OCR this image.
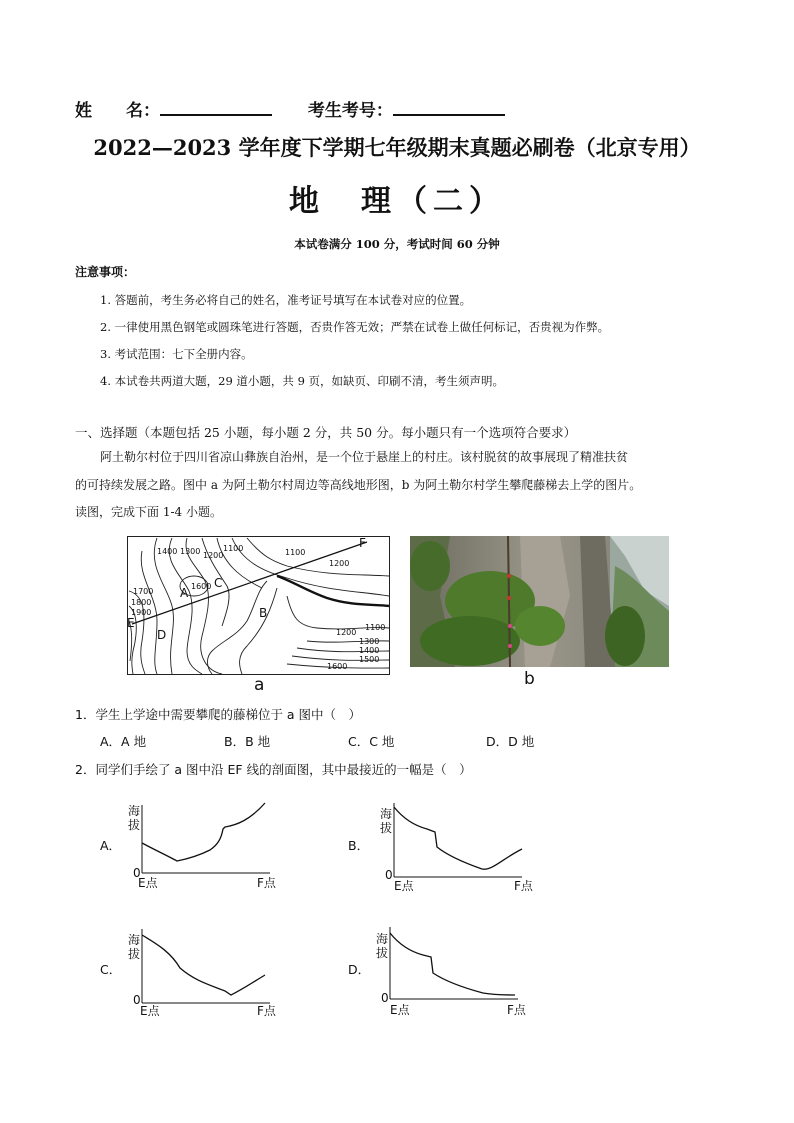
姓　　名：	考生考号：
2022—2023 学年度下学期七年级期末真题必刷卷（北京专用）
地　理（二）
本试卷满分 100 分，考试时间 60 分钟
注意事项：
1. 答题前，考生务必将自己的姓名，准考证号填写在本试卷对应的位置。
2. 一律使用黑色钢笔或圆珠笔进行答题，否贵作答无效；严禁在试卷上做任何标记，否贵视为作弊。
3. 考试范围：七下全册内容。
4. 本试卷共两道大题，29 道小题，共 9 页，如缺页、印刷不清，考生须声明。
一、选择题（本题包括 25 小题，每小题 2 分，共 50 分。每小题只有一个选项符合要求）
阿土勒尔村位于四川省凉山彝族自治州，是一个位于悬崖上的村庄。该村脱贫的故事展现了精准扶贫
的可持续发展之路。图中 a 为阿土勒尔村周边等高线地形图，b 为阿土勒尔村学生攀爬藤梯去上学的图片。
读图，完成下面 1-4 小题。
1400 1300 1200
1100	1100
1200
1600
1700
1800
1900
1100
1200
1300
1400
1500
1600
A
B
C
D
E
F
a	b
1．学生上学途中需要攀爬的藤梯位于 a 图中（　）
A．A 地	B．B 地	C．C 地	D．D 地
2．同学们手绘了 a 图中沿 EF 线的剖面图，其中最接近的一幅是（　）
A．
海
拔
0
E点	F点
B．
海
拔
0
E点	F点
C．
海
拔
0
E点	F点
D．
海
拔
0
E点	F点
